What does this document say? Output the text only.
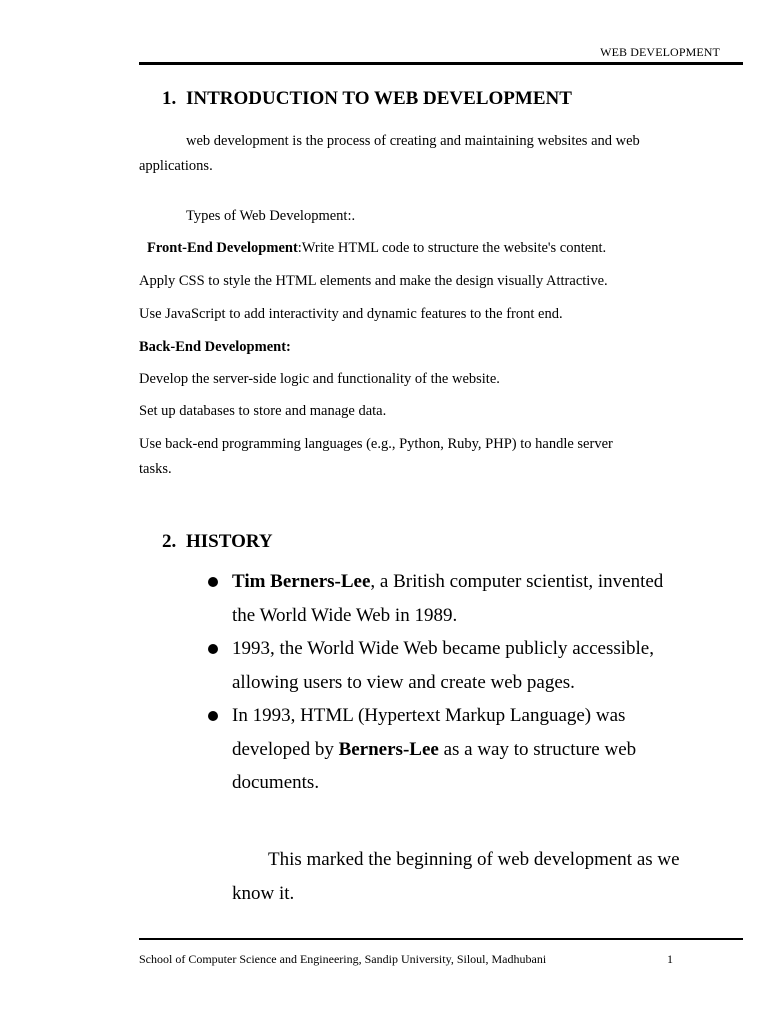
WEB DEVELOPMENT
1. INTRODUCTION TO WEB DEVELOPMENT
web development is the process of creating and maintaining websites and web
applications.
Types of Web Development:.
Front-End Development:Write HTML code to structure the website's content.
Apply CSS to style the HTML elements and make the design visually Attractive.
Use JavaScript to add interactivity and dynamic features to the front end.
Back-End Development:
Develop the server-side logic and functionality of the website.
Set up databases to store and manage data.
Use back-end programming languages (e.g., Python, Ruby, PHP) to handle server
tasks.
2. HISTORY
Tim Berners-Lee, a British computer scientist, invented the World Wide Web in 1989.
1993, the World Wide Web became publicly accessible, allowing users to view and create web pages.
In 1993, HTML (Hypertext Markup Language) was developed by Berners-Lee as a way to structure web documents.
This marked the beginning of web development as we know it.
School of Computer Science and Engineering, Sandip University, Siloul, Madhubani	1
